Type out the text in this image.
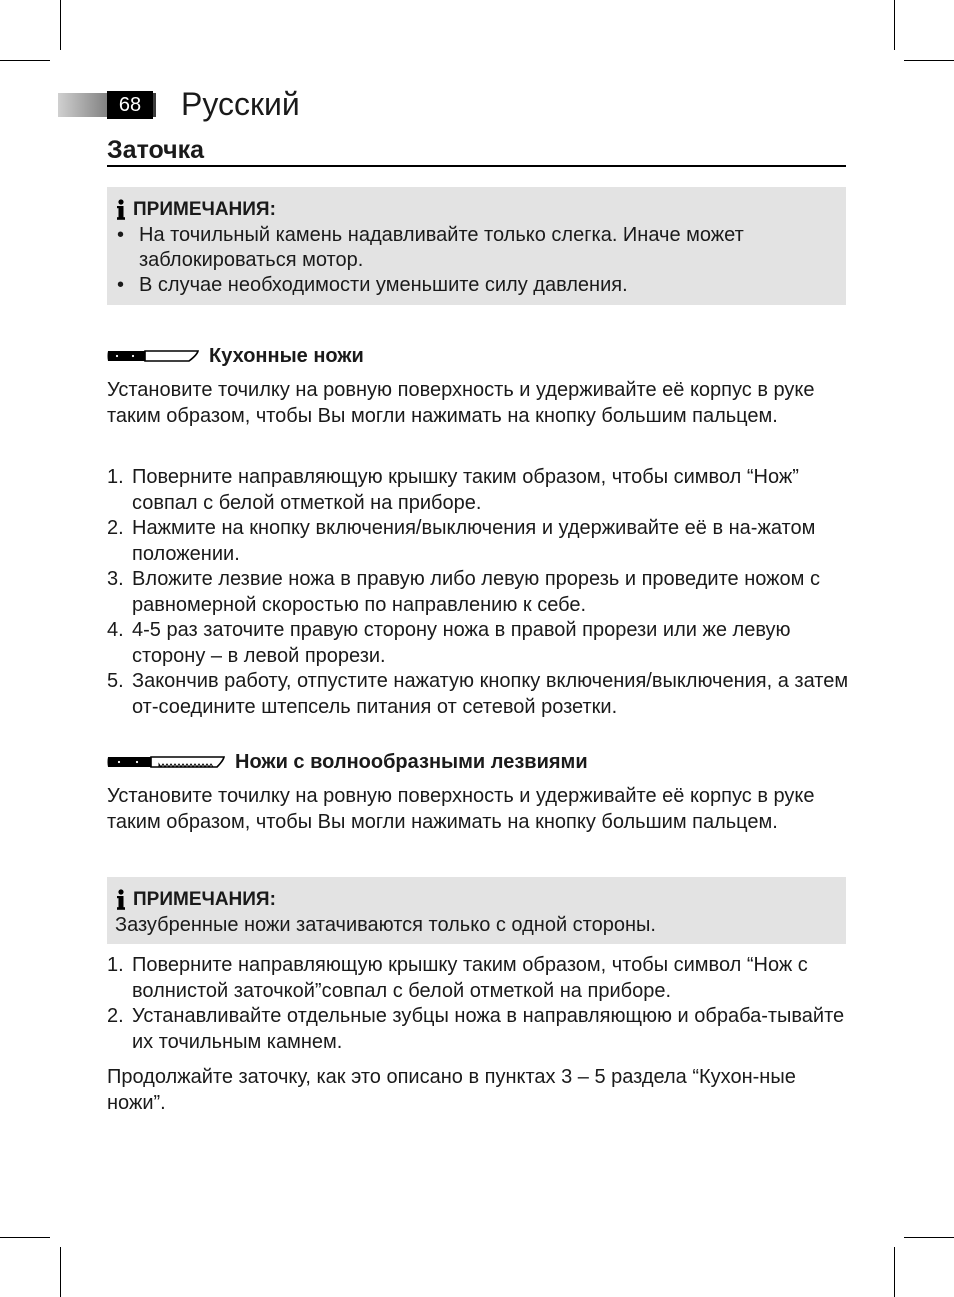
68	Русский
Заточка
ПРИМЕЧАНИЯ:
• На точильный камень надавливайте только слегка. Иначе может заблокироваться мотор.
• В случае необходимости уменьшите силу давления.
Кухонные ножи

Установите точилку на ровную поверхность и удерживайте её корпус в руке таким образом, чтобы Вы могли нажимать на кнопку большим пальцем.

1. Поверните направляющую крышку таким образом, чтобы символ “Нож” совпал с белой отметкой на приборе.
2. Нажмите на кнопку включения/выключения и удерживайте её в на-жатом положении.
3. Вложите лезвие ножа в правую либо левую прорезь и проведите ножом с равномерной скоростью по направлению к себе.
4. 4-5 раз заточите правую сторону ножа в правой прорези или же левую сторону – в левой прорези.
5. Закончив работу, отпустите нажатую кнопку включения/выключения, а затем от-соедините штепсель питания от сетевой розетки.
Ножи с волнообразными лезвиями

Установите точилку на ровную поверхность и удерживайте её корпус в руке таким образом, чтобы Вы могли нажимать на кнопку большим пальцем.

ПРИМЕЧАНИЯ:
Зазубренные ножи затачиваются только с одной стороны.
1. Поверните направляющую крышку таким образом, чтобы символ “Нож с волнистой заточкой”совпал с белой отметкой на приборе.
2. Устанавливайте отдельные зубцы ножа в направляющюю и обраба-тывайте их точильным камнем.

Продолжайте заточку, как это описано в пунктах 3 – 5 раздела “Кухон-ные ножи”.
